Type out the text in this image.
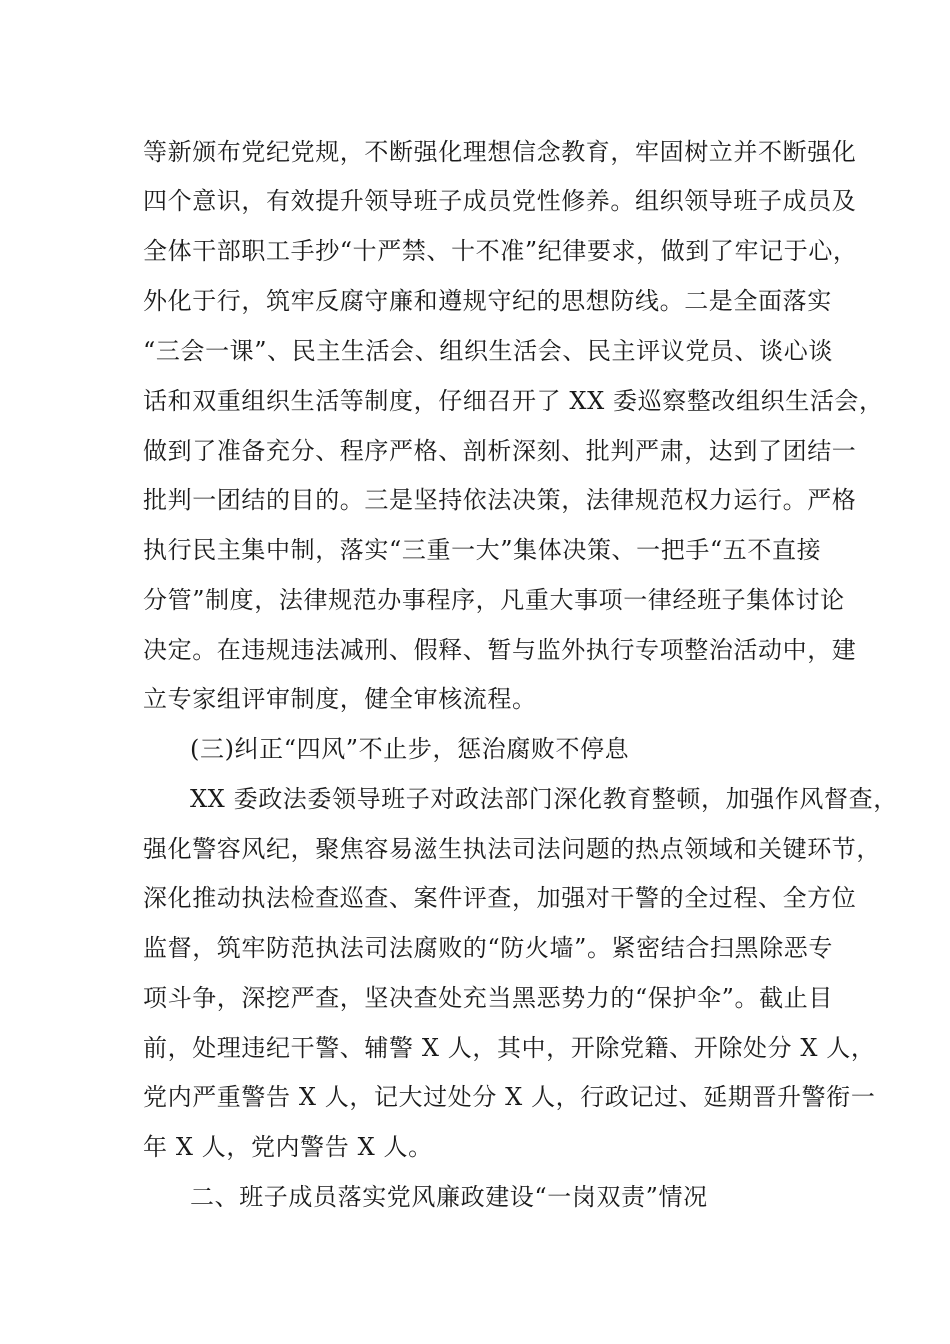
等新颁布党纪党规，不断强化理想信念教育，牢固树立并不断强化
四个意识，有效提升领导班子成员党性修养。组织领导班子成员及
全体干部职工手抄“十严禁、十不准”纪律要求，做到了牢记于心，
外化于行，筑牢反腐守廉和遵规守纪的思想防线。二是全面落实
“三会一课”、民主生活会、组织生活会、民主评议党员、谈心谈
话和双重组织生活等制度，仔细召开了 XX 委巡察整改组织生活会，
做到了准备充分、程序严格、剖析深刻、批判严肃，达到了团结一
批判一团结的目的。三是坚持依法决策，法律规范权力运行。严格
执行民主集中制，落实“三重一大”集体决策、一把手“五不直接
分管”制度，法律规范办事程序，凡重大事项一律经班子集体讨论
决定。在违规违法减刑、假释、暂与监外执行专项整治活动中，建
立专家组评审制度，健全审核流程。
(三)纠正“四风”不止步，惩治腐败不停息
XX 委政法委领导班子对政法部门深化教育整顿，加强作风督查，
强化警容风纪，聚焦容易滋生执法司法问题的热点领域和关键环节，
深化推动执法检查巡查、案件评查，加强对干警的全过程、全方位
监督，筑牢防范执法司法腐败的“防火墙”。紧密结合扫黑除恶专
项斗争，深挖严查，坚决查处充当黑恶势力的“保护伞”。截止目
前，处理违纪干警、辅警 X 人，其中，开除党籍、开除处分 X 人，
党内严重警告 X 人，记大过处分 X 人，行政记过、延期晋升警衔一
年 X 人，党内警告 X 人。
二、班子成员落实党风廉政建设“一岗双责”情况
